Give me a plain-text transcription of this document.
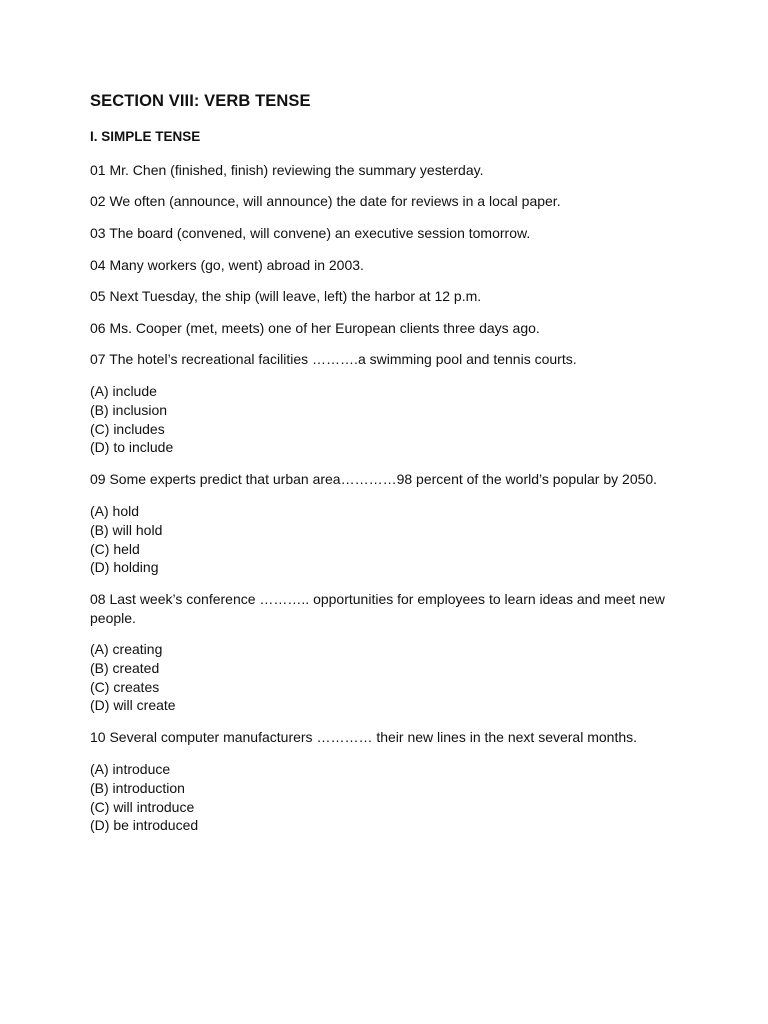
SECTION VIII: VERB TENSE
I. SIMPLE TENSE

01 Mr. Chen (finished, finish) reviewing the summary yesterday.

02 We often (announce, will announce) the date for reviews in a local paper.

03 The board (convened, will convene) an executive session tomorrow.

04 Many workers (go, went) abroad in 2003.

05 Next Tuesday, the ship (will leave, left) the harbor at 12 p.m.

06 Ms. Cooper (met, meets) one of her European clients three days ago.

07 The hotel’s recreational facilities ……….a swimming pool and tennis courts.

(A) include
(B) inclusion
(C) includes
(D) to include

09 Some experts predict that urban area…………98 percent of the world’s popular by 2050.

(A) hold
(B) will hold
(C) held
(D) holding

08 Last week’s conference ……….. opportunities for employees to learn ideas and meet new people.

(A) creating
(B) created
(C) creates
(D) will create

10 Several computer manufacturers ………… their new lines in the next several months.

(A) introduce
(B) introduction
(C) will introduce
(D) be introduced
